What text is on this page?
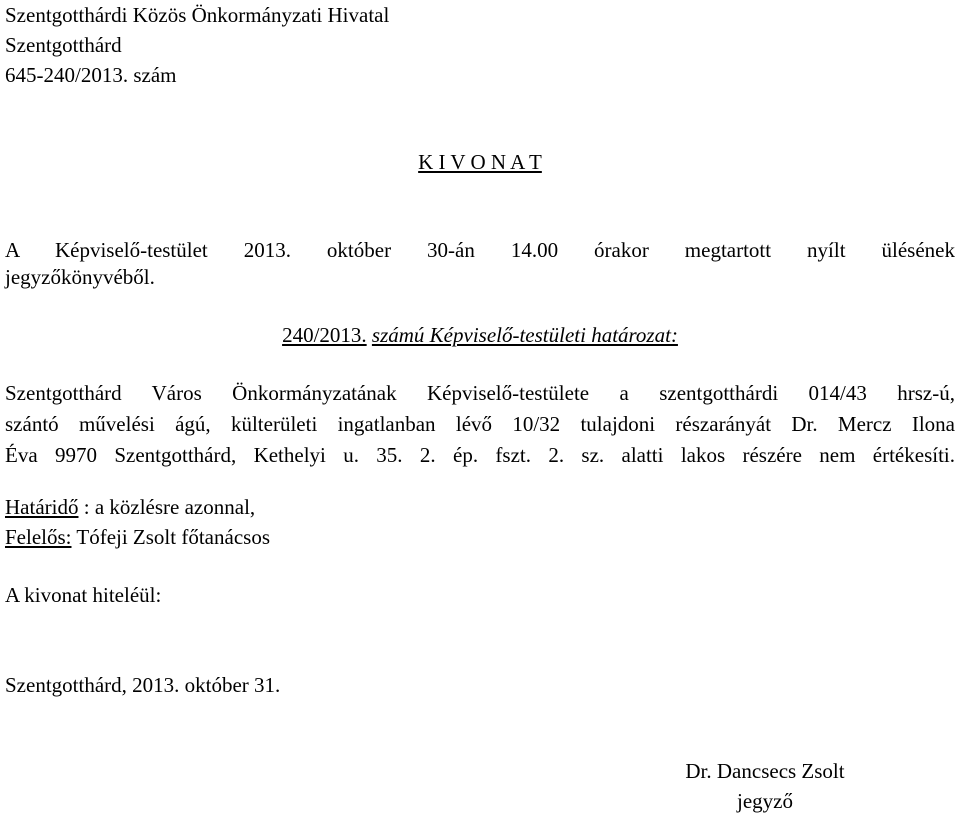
Szentgotthárdi Közös Önkormányzati Hivatal
Szentgotthárd
645-240/2013. szám
K I V O N A T
A Képviselő-testület 2013. október 30-án 14.00 órakor megtartott nyílt ülésének
jegyzőkönyvéből.
240/2013. számú Képviselő-testületi határozat:
Szentgotthárd Város Önkormányzatának Képviselő-testülete a szentgotthárdi 014/43 hrsz-ú,
szántó művelési ágú, külterületi ingatlanban lévő 10/32 tulajdoni részarányát Dr. Mercz Ilona
Éva 9970 Szentgotthárd, Kethelyi u. 35. 2. ép. fszt. 2. sz. alatti lakos részére nem értékesíti.
Határidő : a közlésre azonnal,
Felelős: Tófeji Zsolt főtanácsos
A kivonat hiteléül:
Szentgotthárd, 2013. október 31.
Dr. Dancsecs Zsolt
jegyző
